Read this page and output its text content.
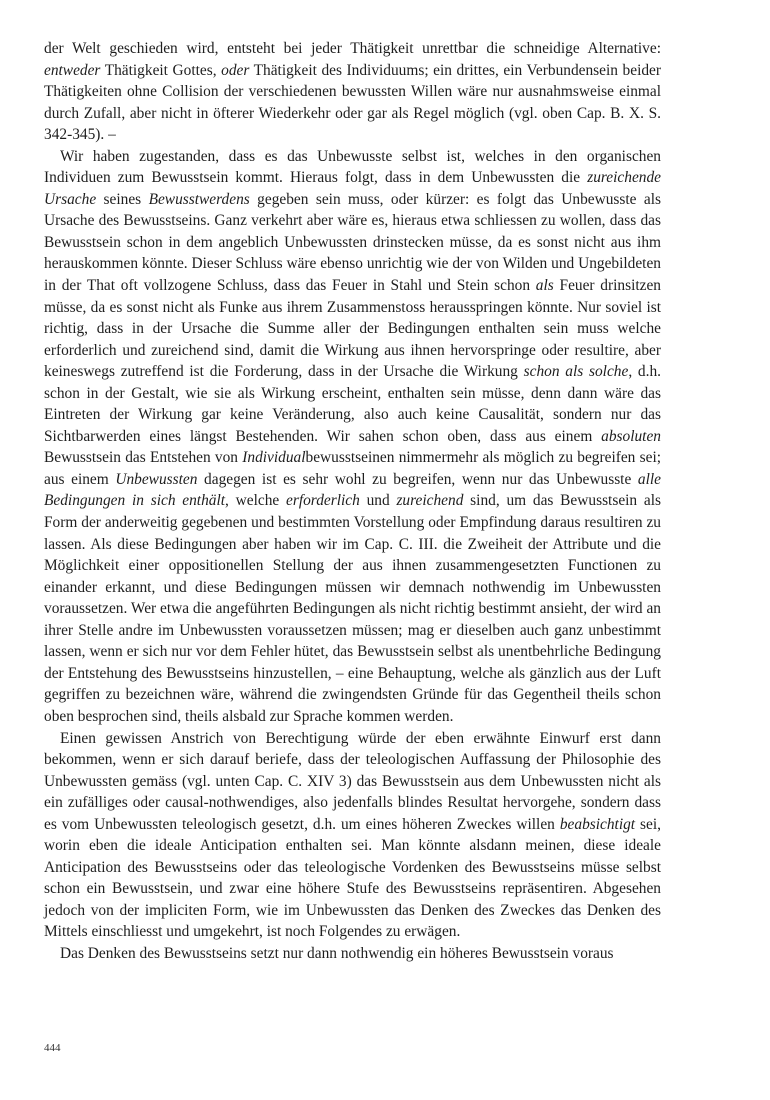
der Welt geschieden wird, entsteht bei jeder Thätigkeit unrettbar die schneidige Alternative: entweder Thätigkeit Gottes, oder Thätigkeit des Individuums; ein drittes, ein Verbundensein beider Thätigkeiten ohne Collision der verschiedenen bewussten Willen wäre nur ausnahmsweise einmal durch Zufall, aber nicht in öfterer Wiederkehr oder gar als Regel möglich (vgl. oben Cap. B. X. S. 342-345). –

Wir haben zugestanden, dass es das Unbewusste selbst ist, welches in den organischen Individuen zum Bewusstsein kommt. Hieraus folgt, dass in dem Unbewussten die zureichende Ursache seines Bewusstwerdens gegeben sein muss, oder kürzer: es folgt das Unbewusste als Ursache des Bewusstseins. Ganz verkehrt aber wäre es, hieraus etwa schliessen zu wollen, dass das Bewusstsein schon in dem angeblich Unbewussten drinstecken müsse, da es sonst nicht aus ihm herauskommen könnte. Dieser Schluss wäre ebenso unrichtig wie der von Wilden und Ungebildeten in der That oft vollzogene Schluss, dass das Feuer in Stahl und Stein schon als Feuer drinsitzen müsse, da es sonst nicht als Funke aus ihrem Zusammenstoss herausspringen könnte. Nur soviel ist richtig, dass in der Ursache die Summe aller der Bedingungen enthalten sein muss welche erforderlich und zureichend sind, damit die Wirkung aus ihnen hervorspringe oder resultire, aber keineswegs zutreffend ist die Forderung, dass in der Ursache die Wirkung schon als solche, d.h. schon in der Gestalt, wie sie als Wirkung erscheint, enthalten sein müsse, denn dann wäre das Eintreten der Wirkung gar keine Veränderung, also auch keine Causalität, sondern nur das Sichtbarwerden eines längst Bestehenden. Wir sahen schon oben, dass aus einem absoluten Bewusstsein das Entstehen von Individualbewusstseinen nimmermehr als möglich zu begreifen sei; aus einem Unbewussten dagegen ist es sehr wohl zu begreifen, wenn nur das Unbewusste alle Bedingungen in sich enthält, welche erforderlich und zureichend sind, um das Bewusstsein als Form der anderweitig gegebenen und bestimmten Vorstellung oder Empfindung daraus resultiren zu lassen. Als diese Bedingungen aber haben wir im Cap. C. III. die Zweiheit der Attribute und die Möglichkeit einer oppositionellen Stellung der aus ihnen zusammengesetzten Functionen zu einander erkannt, und diese Bedingungen müssen wir demnach nothwendig im Unbewussten voraussetzen. Wer etwa die angeführten Bedingungen als nicht richtig bestimmt ansieht, der wird an ihrer Stelle andre im Unbewussten voraussetzen müssen; mag er dieselben auch ganz unbestimmt lassen, wenn er sich nur vor dem Fehler hütet, das Bewusstsein selbst als unentbehrliche Bedingung der Entstehung des Bewusstseins hinzustellen, – eine Behauptung, welche als gänzlich aus der Luft gegriffen zu bezeichnen wäre, während die zwingendsten Gründe für das Gegentheil theils schon oben besprochen sind, theils alsbald zur Sprache kommen werden.

Einen gewissen Anstrich von Berechtigung würde der eben erwähnte Einwurf erst dann bekommen, wenn er sich darauf beriefe, dass der teleologischen Auffassung der Philosophie des Unbewussten gemäss (vgl. unten Cap. C. XIV 3) das Bewusstsein aus dem Unbewussten nicht als ein zufälliges oder causal-nothwendiges, also jedenfalls blindes Resultat hervorgehe, sondern dass es vom Unbewussten teleologisch gesetzt, d.h. um eines höheren Zweckes willen beabsichtigt sei, worin eben die ideale Anticipation enthalten sei. Man könnte alsdann meinen, diese ideale Anticipation des Bewusstseins oder das teleologische Vordenken des Bewusstseins müsse selbst schon ein Bewusstsein, und zwar eine höhere Stufe des Bewusstseins repräsentiren. Abgesehen jedoch von der impliciten Form, wie im Unbewussten das Denken des Zweckes das Denken des Mittels einschliesst und umgekehrt, ist noch Folgendes zu erwägen.

Das Denken des Bewusstseins setzt nur dann nothwendig ein höheres Bewusstsein voraus

444
